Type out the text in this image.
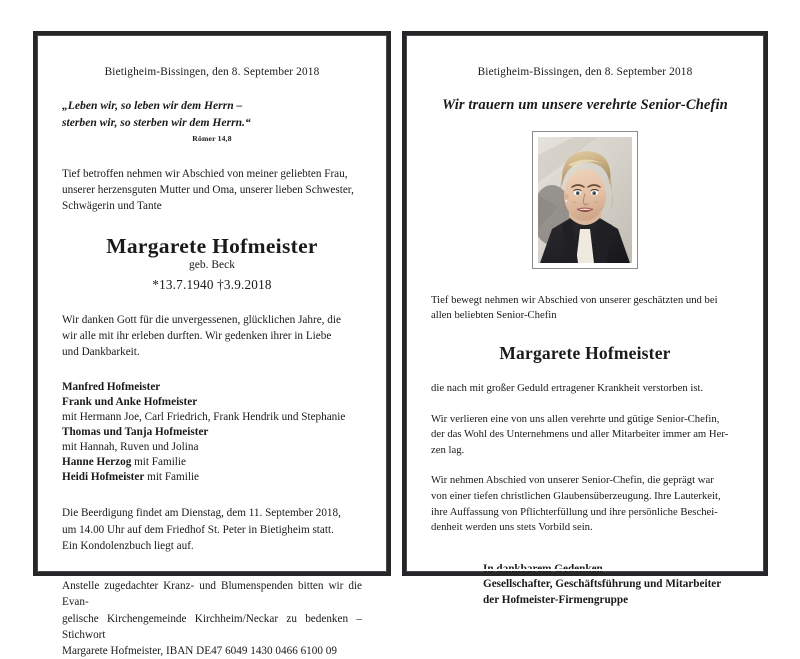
Bietigheim-Bissingen, den 8. September 2018
„Leben wir, so leben wir dem Herrn –
sterben wir, so sterben wir dem Herrn.“
Römer 14,8
Tief betroffen nehmen wir Abschied von meiner geliebten Frau,
unserer herzensguten Mutter und Oma, unserer lieben Schwester,
Schwägerin und Tante
Margarete Hofmeister
geb. Beck
*13.7.1940 †3.9.2018
Wir danken Gott für die unvergessenen, glücklichen Jahre, die
wir alle mit ihr erleben durften. Wir gedenken ihrer in Liebe
und Dankbarkeit.
Manfred Hofmeister
Frank und Anke Hofmeister
mit Hermann Joe, Carl Friedrich, Frank Hendrik und Stephanie
Thomas und Tanja Hofmeister
mit Hannah, Ruven und Jolina
Hanne Herzog mit Familie
Heidi Hofmeister mit Familie
Die Beerdigung findet am Dienstag, dem 11. September 2018,
um 14.00 Uhr auf dem Friedhof St. Peter in Bietigheim statt.
Ein Kondolenzbuch liegt auf.
Anstelle zugedachter Kranz- und Blumenspenden bitten wir die Evan-
gelische Kirchengemeinde Kirchheim/Neckar zu bedenken – Stichwort
Margarete Hofmeister, IBAN DE47 6049 1430 0466 6100 09
Bietigheim-Bissingen, den 8. September 2018
Wir trauern um unsere verehrte Senior-Chefin
Tief bewegt nehmen wir Abschied von unserer geschätzten und bei
allen beliebten Senior-Chefin
Margarete Hofmeister
die nach mit großer Geduld ertragener Krankheit verstorben ist.
Wir verlieren eine von uns allen verehrte und gütige Senior-Chefin,
der das Wohl des Unternehmens und aller Mitarbeiter immer am Her-
zen lag.
Wir nehmen Abschied von unserer Senior-Chefin, die geprägt war
von einer tiefen christlichen Glaubensüberzeugung. Ihre Lauterkeit,
ihre Auffassung von Pflichterfüllung und ihre persönliche Beschei-
denheit werden uns stets Vorbild sein.
In dankbarem Gedenken
Gesellschafter, Geschäftsführung und Mitarbeiter
der Hofmeister-Firmengruppe
